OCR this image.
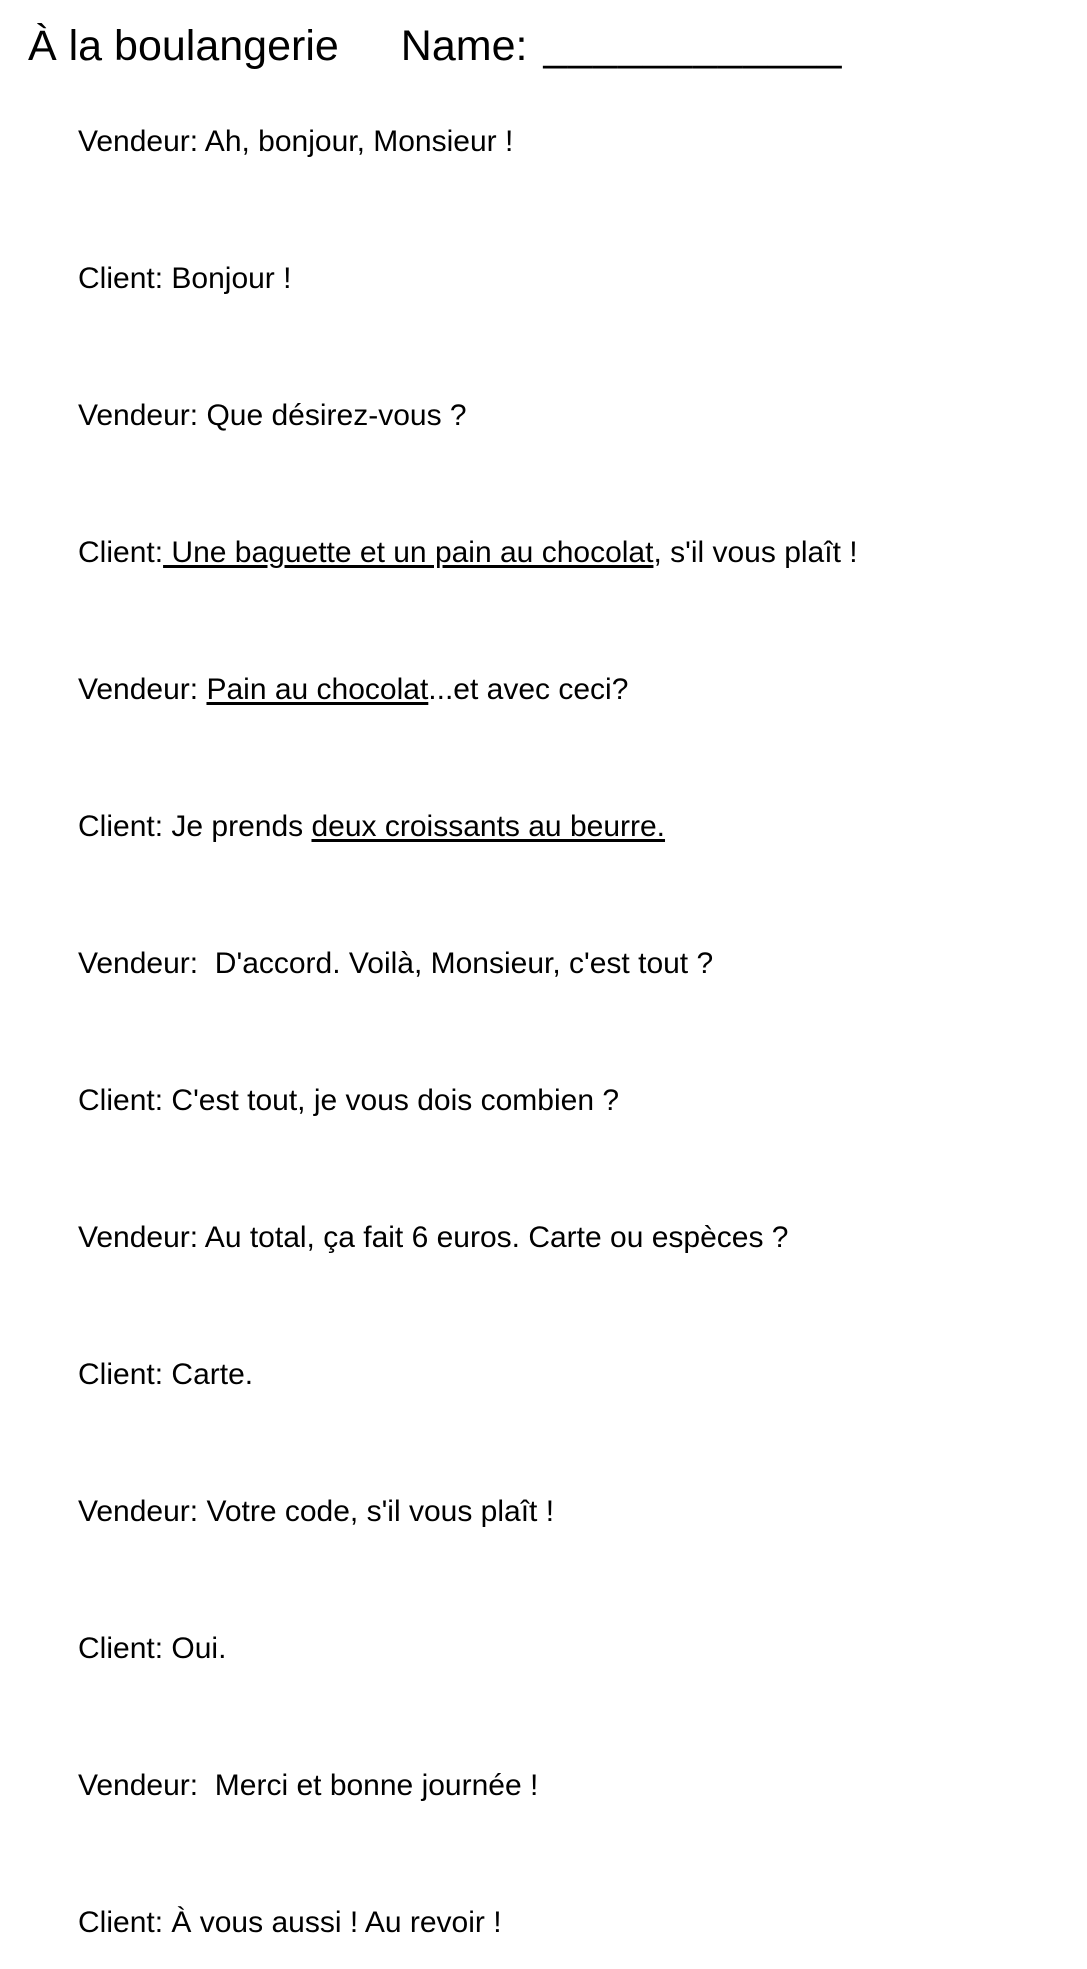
À la boulangerie Name: ____________

Vendeur: Ah, bonjour, Monsieur !

Client: Bonjour !

Vendeur: Que désirez-vous ?

Client: Une baguette et un pain au chocolat, s'il vous plaît !

Vendeur: Pain au chocolat...et avec ceci?

Client: Je prends deux croissants au beurre.

Vendeur:  D'accord. Voilà, Monsieur, c'est tout ?

Client: C'est tout, je vous dois combien ?

Vendeur: Au total, ça fait 6 euros. Carte ou espèces ?

Client: Carte.

Vendeur: Votre code, s'il vous plaît !

Client: Oui.

Vendeur:  Merci et bonne journée !

Client: À vous aussi ! Au revoir !
